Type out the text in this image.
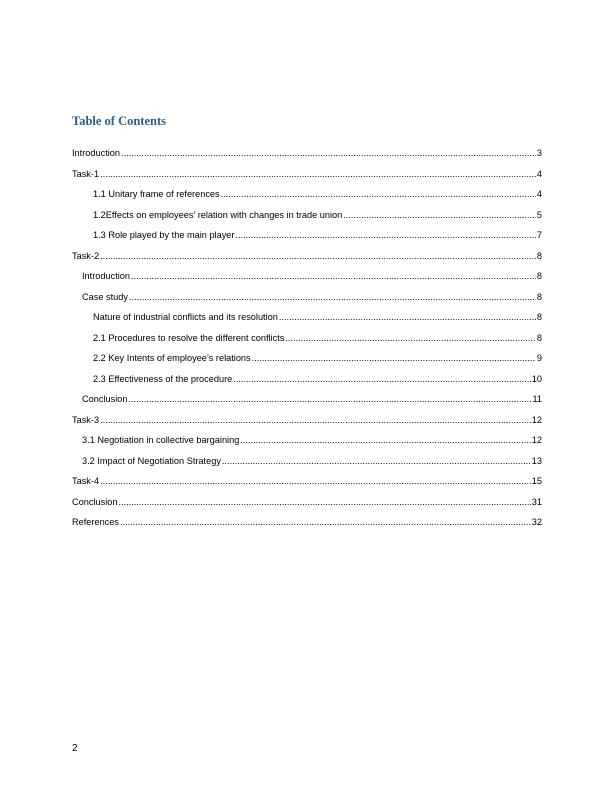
Table of Contents
Introduction .....	3
Task-1 .....	4
1.1 Unitary frame of references .....	4
1.2Effects on employees’ relation with changes in trade union .....	5
1.3 Role played by the main player .....	7
Task-2 .....	8
Introduction .....	8
Case study .....	8
Nature of industrial conflicts and its resolution .....	8
2.1 Procedures to resolve the different conflicts .....	8
2.2 Key Intents of employee’s relations .....	9
2.3 Effectiveness of the procedure .....	10
Conclusion .....	11
Task-3 .....	12
3.1 Negotiation in collective bargaining .....	12
3.2 Impact of Negotiation Strategy .....	13
Task-4 .....	15
Conclusion .....	31
References .....	32

2
